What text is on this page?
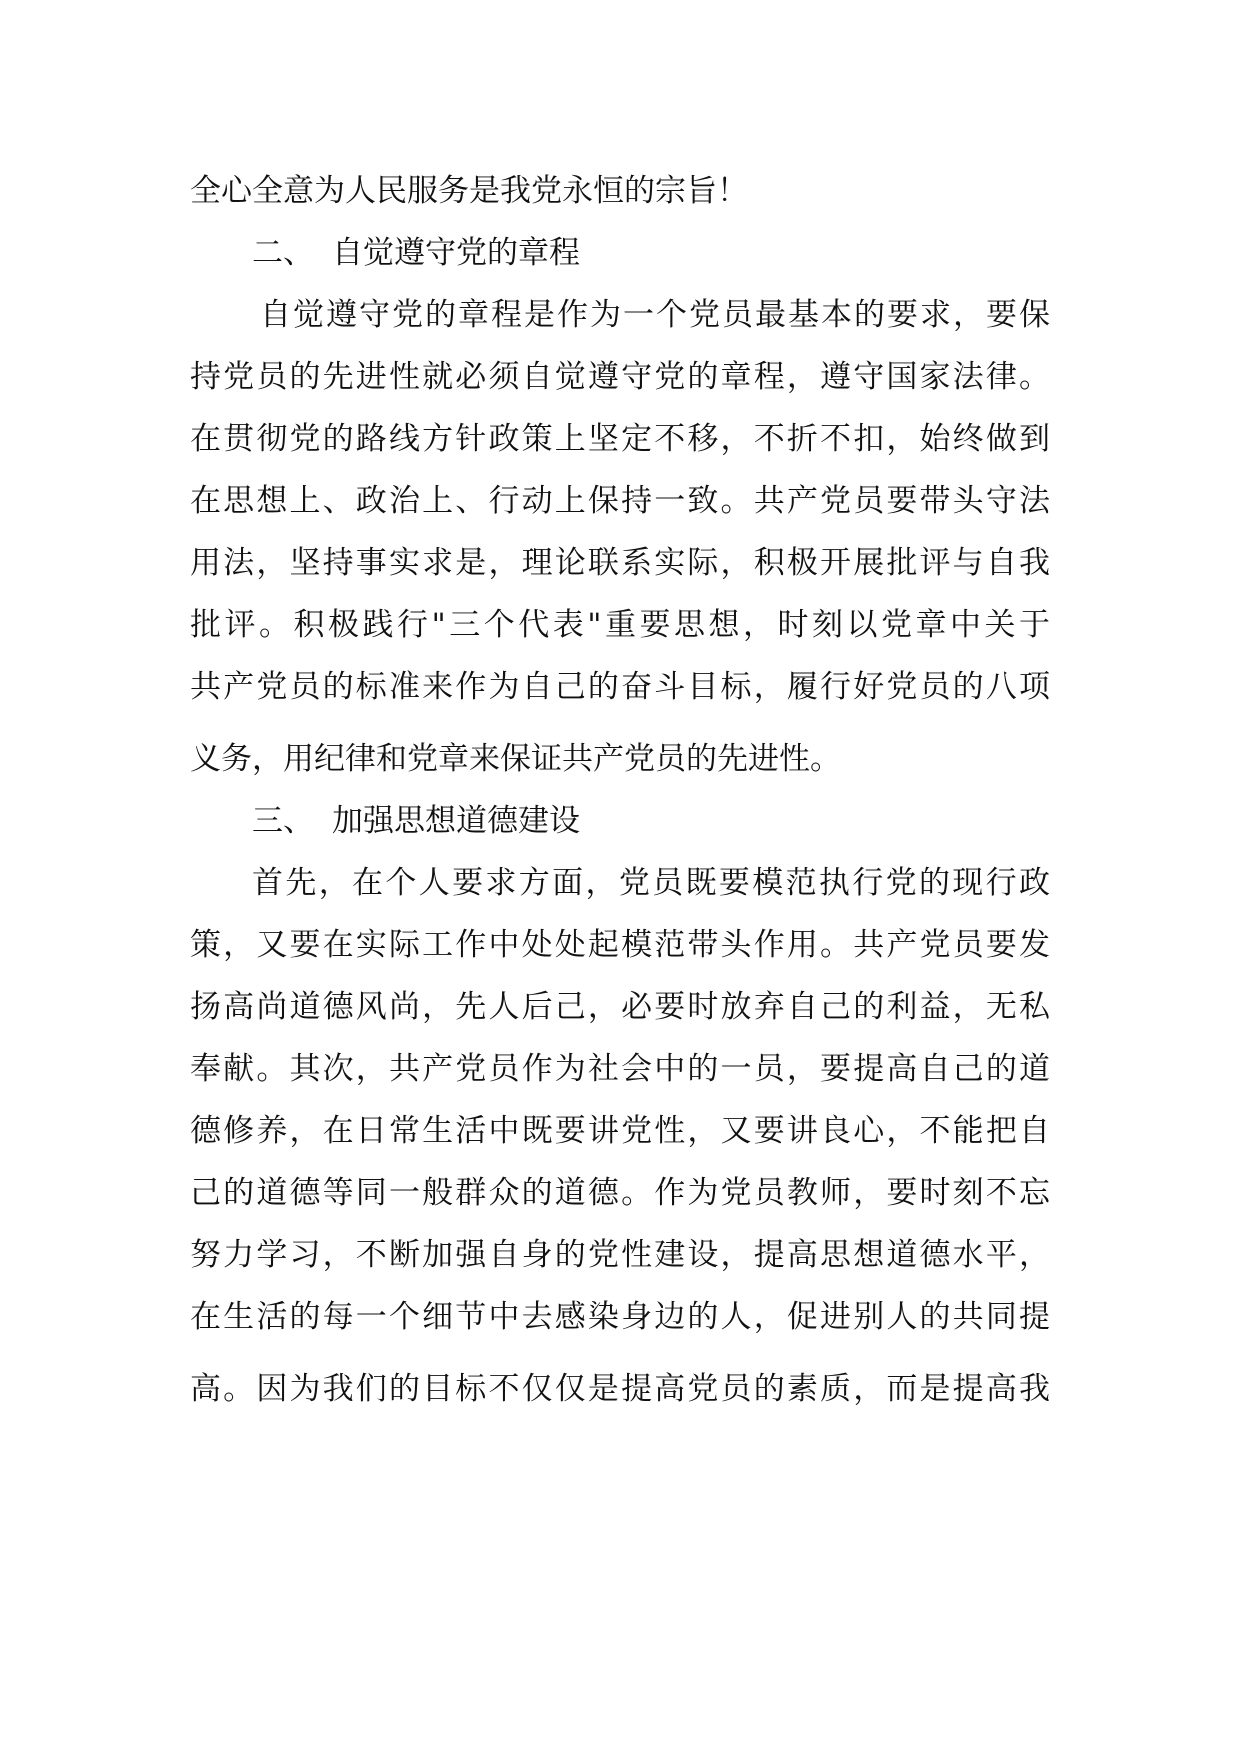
全心全意为人民服务是我党永恒的宗旨！
二、 自觉遵守党的章程
自觉遵守党的章程是作为一个党员最基本的要求，要保
持党员的先进性就必须自觉遵守党的章程，遵守国家法律。
在贯彻党的路线方针政策上坚定不移，不折不扣，始终做到
在思想上、政治上、行动上保持一致。共产党员要带头守法
用法，坚持事实求是，理论联系实际，积极开展批评与自我
批评。积极践行"三个代表"重要思想，时刻以党章中关于
共产党员的标准来作为自己的奋斗目标，履行好党员的八项
义务，用纪律和党章来保证共产党员的先进性。
三、 加强思想道德建设
首先，在个人要求方面，党员既要模范执行党的现行政
策，又要在实际工作中处处起模范带头作用。共产党员要发
扬高尚道德风尚，先人后己，必要时放弃自己的利益，无私
奉献。其次，共产党员作为社会中的一员，要提高自己的道
德修养，在日常生活中既要讲党性，又要讲良心，不能把自
己的道德等同一般群众的道德。作为党员教师，要时刻不忘
努力学习，不断加强自身的党性建设，提高思想道德水平，
在生活的每一个细节中去感染身边的人，促进别人的共同提
高。因为我们的目标不仅仅是提高党员的素质，而是提高我
